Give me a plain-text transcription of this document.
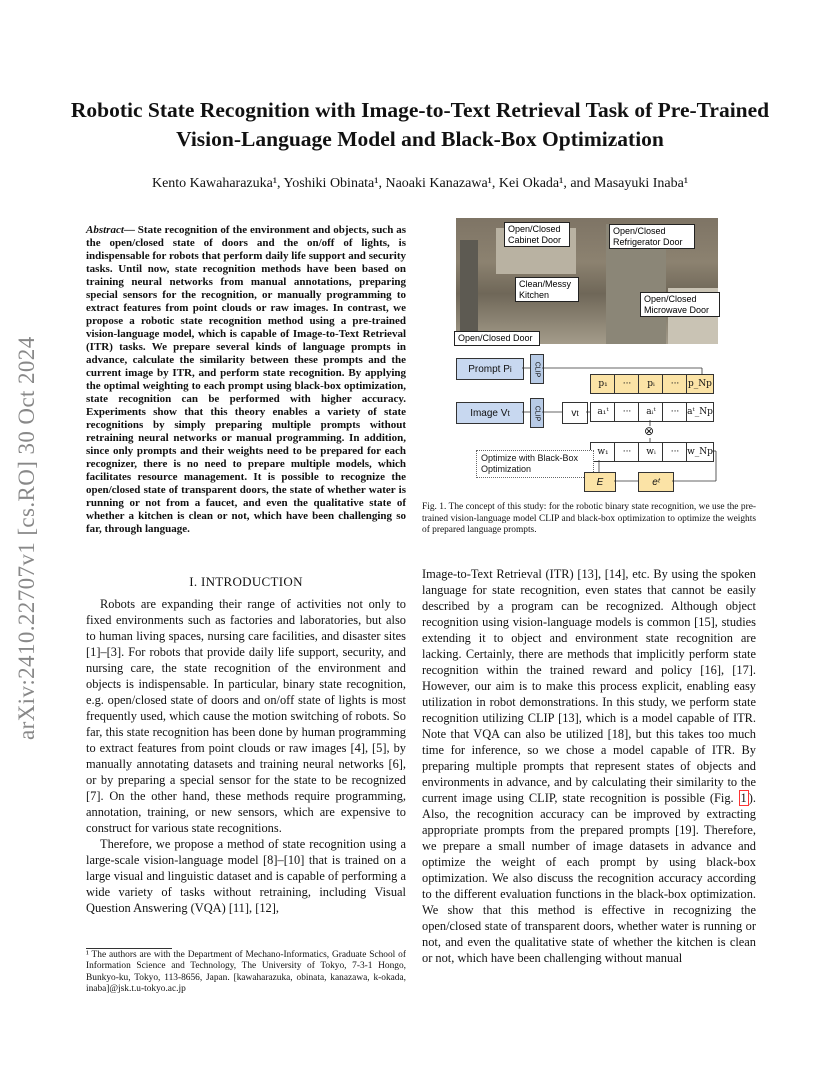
arXiv:2410.22707v1 [cs.RO] 30 Oct 2024
Robotic State Recognition with Image-to-Text Retrieval Task of Pre-Trained Vision-Language Model and Black-Box Optimization
Kento Kawaharazuka¹, Yoshiki Obinata¹, Naoaki Kanazawa¹, Kei Okada¹, and Masayuki Inaba¹
Abstract— State recognition of the environment and objects, such as the open/closed state of doors and the on/off of lights, is indispensable for robots that perform daily life support and security tasks. Until now, state recognition methods have been based on training neural networks from manual annotations, preparing special sensors for the recognition, or manually programming to extract features from point clouds or raw images. In contrast, we propose a robotic state recognition method using a pre-trained vision-language model, which is capable of Image-to-Text Retrieval (ITR) tasks. We prepare several kinds of language prompts in advance, calculate the similarity between these prompts and the current image by ITR, and perform state recognition. By applying the optimal weighting to each prompt using black-box optimization, state recognition can be performed with higher accuracy. Experiments show that this theory enables a variety of state recognitions by simply preparing multiple prompts without retraining neural networks or manual programming. In addition, since only prompts and their weights need to be prepared for each recognizer, there is no need to prepare multiple models, which facilitates resource management. It is possible to recognize the open/closed state of transparent doors, the state of whether water is running or not from a faucet, and even the qualitative state of whether a kitchen is clean or not, which have been challenging so far, through language.
I. INTRODUCTION

Robots are expanding their range of activities not only to fixed environments such as factories and laboratories, but also to human living spaces, nursing care facilities, and disaster sites [1]–[3]. For robots that provide daily life support, security, and nursing care, the state recognition of the environment and objects is indispensable. In particular, binary state recognition, e.g. open/closed state of doors and on/off state of lights is most frequently used, which cause the motion switching of robots. So far, this state recognition has been done by human programming to extract features from point clouds or raw images [4], [5], by manually annotating datasets and training neural networks [6], or by preparing a special sensor for the state to be recognized [7]. On the other hand, these methods require programming, annotation, training, or new sensors, which are expensive to construct for various state recognitions.

Therefore, we propose a method of state recognition using a large-scale vision-language model [8]–[10] that is trained on a large visual and linguistic dataset and is capable of performing a wide variety of tasks without retraining, including Visual Question Answering (VQA) [11], [12],

¹ The authors are with the Department of Mechano-Informatics, Graduate School of Information Science and Technology, The University of Tokyo, 7-3-1 Hongo, Bunkyo-ku, Tokyo, 113-8656, Japan. [kawaharazuka, obinata, kanazawa, k-okada, inaba]@jsk.t.u-tokyo.ac.jp
Open/Closed Cabinet Door
Open/Closed Refrigerator Door
Clean/Messy Kitchen	Open/Closed Microwave Door
Open/Closed Door
Prompt P i	CLIP
p₁	···	pᵢ	··· p_Np
Image V t	CLIP	v t	a₁ᵗ	···	aᵢᵗ	··· aᵗ_Np
⊗
w₁	···	wᵢ	··· w_Np
Optimize with Black-Box Optimization
E	eᵗ
Fig. 1. The concept of this study: for the robotic binary state recognition, we use the pre-trained vision-language model CLIP and black-box optimization to optimize the weights of prepared language prompts.

Image-to-Text Retrieval (ITR) [13], [14], etc. By using the spoken language for state recognition, even states that cannot be easily described by a program can be recognized. Although object recognition using vision-language models is common [15], studies extending it to object and environment state recognition are lacking. Certainly, there are methods that implicitly perform state recognition within the trained reward and policy [16], [17]. However, our aim is to make this process explicit, enabling easy utilization in robot demonstrations. In this study, we perform state recognition utilizing CLIP [13], which is a model capable of ITR. Note that VQA can also be utilized [18], but this takes too much time for inference, so we chose a model capable of ITR. By preparing multiple prompts that represent states of objects and environments in advance, and by calculating their similarity to the current image using CLIP, state recognition is possible (Fig. 1 ). Also, the recognition accuracy can be improved by extracting appropriate prompts from the prepared prompts [19]. Therefore, we prepare a small number of image datasets in advance and optimize the weight of each prompt by using black-box optimization. We also discuss the recognition accuracy according to the different evaluation functions in the black-box optimization. We show that this method is effective in recognizing the open/closed state of transparent doors, whether water is running or not, and even the qualitative state of whether the kitchen is clean or not, which have been challenging without manual
